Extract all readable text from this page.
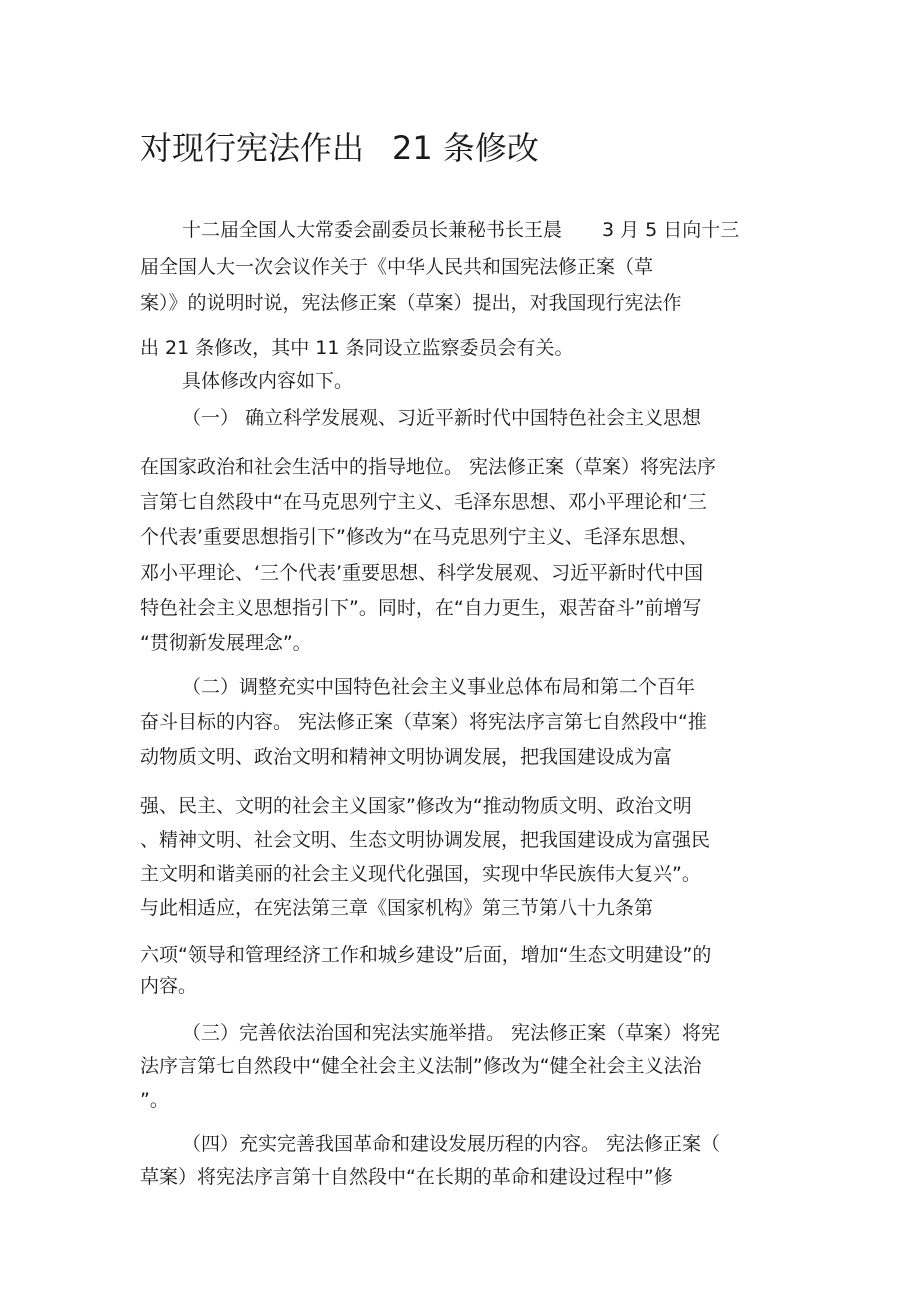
对现行宪法作出 21 条修改

十二届全国人大常委会副委员长兼秘书长王晨 3 月 5 日向十三

届全国人大一次会议作关于《中华人民共和国宪法修正案（草

案）》的说明时说，宪法修正案（草案）提出，对我国现行宪法作

出 21 条修改，其中 11 条同设立监察委员会有关。

具体修改内容如下。

（一） 确立科学发展观、习近平新时代中国特色社会主义思想

在国家政治和社会生活中的指导地位。 宪法修正案（草案）将宪法序

言第七自然段中“在马克思列宁主义、毛泽东思想、邓小平理论和‘三

个代表’重要思想指引下”修改为“在马克思列宁主义、毛泽东思想、

邓小平理论、‘三个代表’重要思想、科学发展观、习近平新时代中国

特色社会主义思想指引下”。同时，在“自力更生，艰苦奋斗”前增写

“贯彻新发展理念”。

（二）调整充实中国特色社会主义事业总体布局和第二个百年

奋斗目标的内容。 宪法修正案（草案）将宪法序言第七自然段中“推

动物质文明、政治文明和精神文明协调发展，把我国建设成为富

强、民主、文明的社会主义国家”修改为“推动物质文明、政治文明

、精神文明、社会文明、生态文明协调发展，把我国建设成为富强民

主文明和谐美丽的社会主义现代化强国，实现中华民族伟大复兴”。

与此相适应，在宪法第三章《国家机构》第三节第八十九条第

六项“领导和管理经济工作和城乡建设”后面，增加“生态文明建设”的

内容。

（三）完善依法治国和宪法实施举措。 宪法修正案（草案）将宪

法序言第七自然段中“健全社会主义法制”修改为“健全社会主义法治

”。

（四）充实完善我国革命和建设发展历程的内容。 宪法修正案（

草案）将宪法序言第十自然段中“在长期的革命和建设过程中”修
